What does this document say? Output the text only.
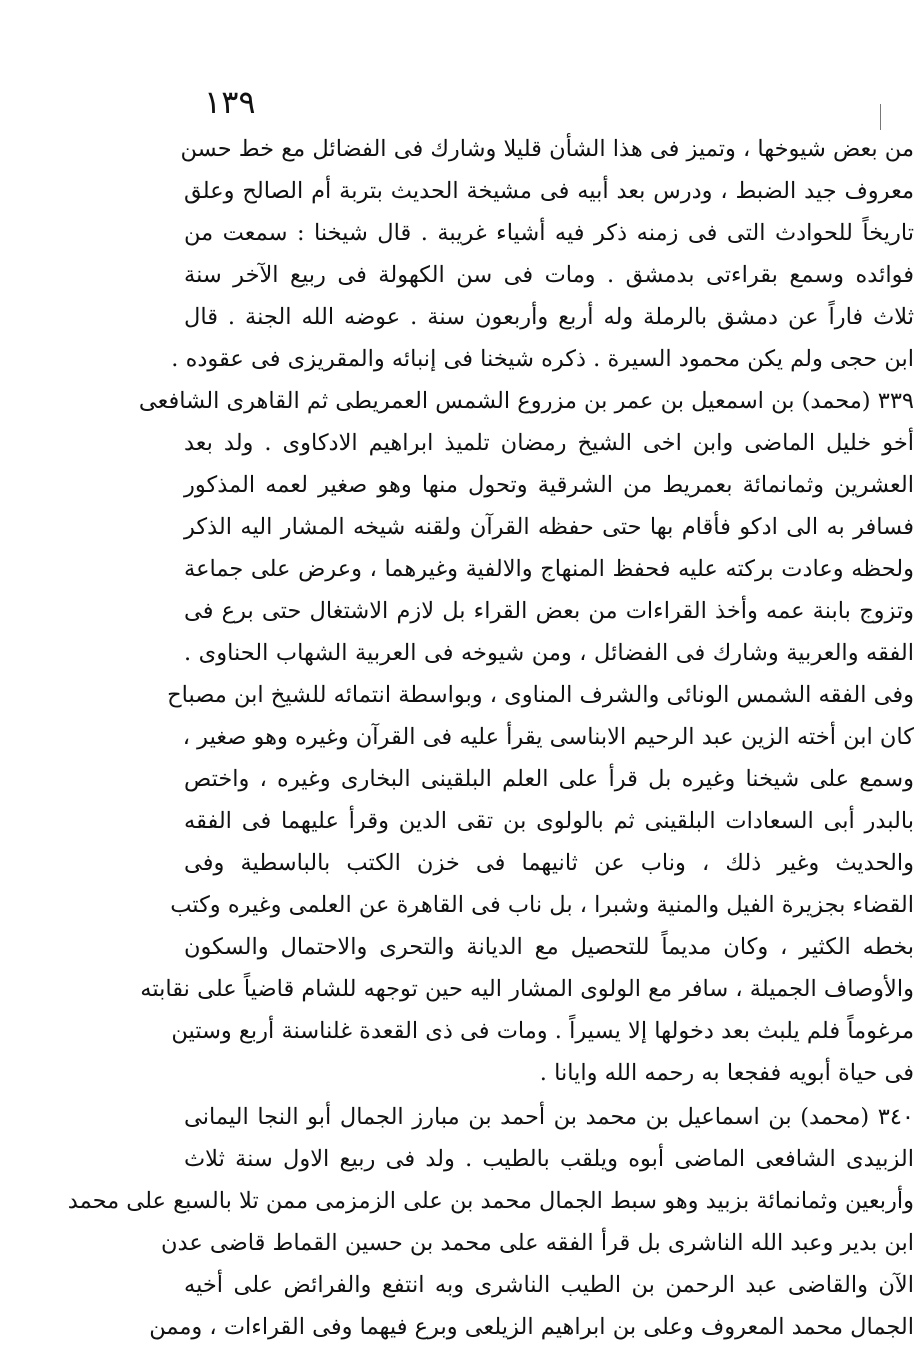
١٣٩
من بعض شيوخها ، وتميز فى هذا الشأن قليلا وشارك فى الفضائل مع خط حسن
معروف جيد الضبط ، ودرس بعد أبيه فى مشيخة الحديث بتربة أم الصالح وعلق
تاريخاً للحوادث التى فى زمنه ذكر فيه أشياء غريبة . قال شيخنا : سمعت من
فوائده وسمع بقراءتى بدمشق . ومات فى سن الكهولة فى ربيع الآخر سنة
ثلاث فاراً عن دمشق بالرملة وله أربع وأربعون سنة . عوضه الله الجنة . قال
ابن حجى ولم يكن محمود السيرة . ذكره شيخنا فى إنبائه والمقريزى فى عقوده .
٣٣٩ (محمد) بن اسمعيل بن عمر بن مزروع الشمس العمريطى ثم القاهرى الشافعى
أخو خليل الماضى وابن اخى الشيخ رمضان تلميذ ابراهيم الادكاوى . ولد بعد
العشرين وثمانمائة بعمريط من الشرقية وتحول منها وهو صغير لعمه المذكور
فسافر به الى ادكو فأقام بها حتى حفظه القرآن ولقنه شيخه المشار اليه الذكر
ولحظه وعادت بركته عليه فحفظ المنهاج والالفية وغيرهما ، وعرض على جماعة
وتزوج بابنة عمه وأخذ القراءات من بعض القراء بل لازم الاشتغال حتى برع فى
الفقه والعربية وشارك فى الفضائل ، ومن شيوخه فى العربية الشهاب الحناوى .
وفى الفقه الشمس الونائى والشرف المناوى ، وبواسطة انتمائه للشيخ ابن مصباح
كان ابن أخته الزين عبد الرحيم الابناسى يقرأ عليه فى القرآن وغيره وهو صغير ،
وسمع على شيخنا وغيره بل قرأ على العلم البلقينى البخارى وغيره ، واختص
بالبدر أبى السعادات البلقينى ثم بالولوى بن تقى الدين وقرأ عليهما فى الفقه
والحديث وغير ذلك ، وناب عن ثانيهما فى خزن الكتب بالباسطية وفى
القضاء بجزيرة الفيل والمنية وشبرا ، بل ناب فى القاهرة عن العلمى وغيره وكتب
بخطه الكثير ، وكان مديماً للتحصيل مع الديانة والتحرى والاحتمال والسكون
والأوصاف الجميلة ، سافر مع الولوى المشار اليه حين توجهه للشام قاضياً على نقابته
مرغوماً فلم يلبث بعد دخولها إلا يسيراً . ومات فى ذى القعدة غلناسنة أربع وستين
فى حياة أبويه ففجعا به رحمه الله وايانا .
٣٤٠ (محمد) بن اسماعيل بن محمد بن أحمد بن مبارز الجمال أبو النجا اليمانى
الزبيدى الشافعى الماضى أبوه ويلقب بالطيب . ولد فى ربيع الاول سنة ثلاث
وأربعين وثمانمائة بزبيد وهو سبط الجمال محمد بن على الزمزمى ممن تلا بالسبع على محمد
ابن بدير وعبد الله الناشرى بل قرأ الفقه على محمد بن حسين القماط قاضى عدن
الآن والقاضى عبد الرحمن بن الطيب الناشرى وبه انتفع والفرائض على أخيه
الجمال محمد المعروف وعلى بن ابراهيم الزيلعى وبرع فيهما وفى القراءات ، وممن
